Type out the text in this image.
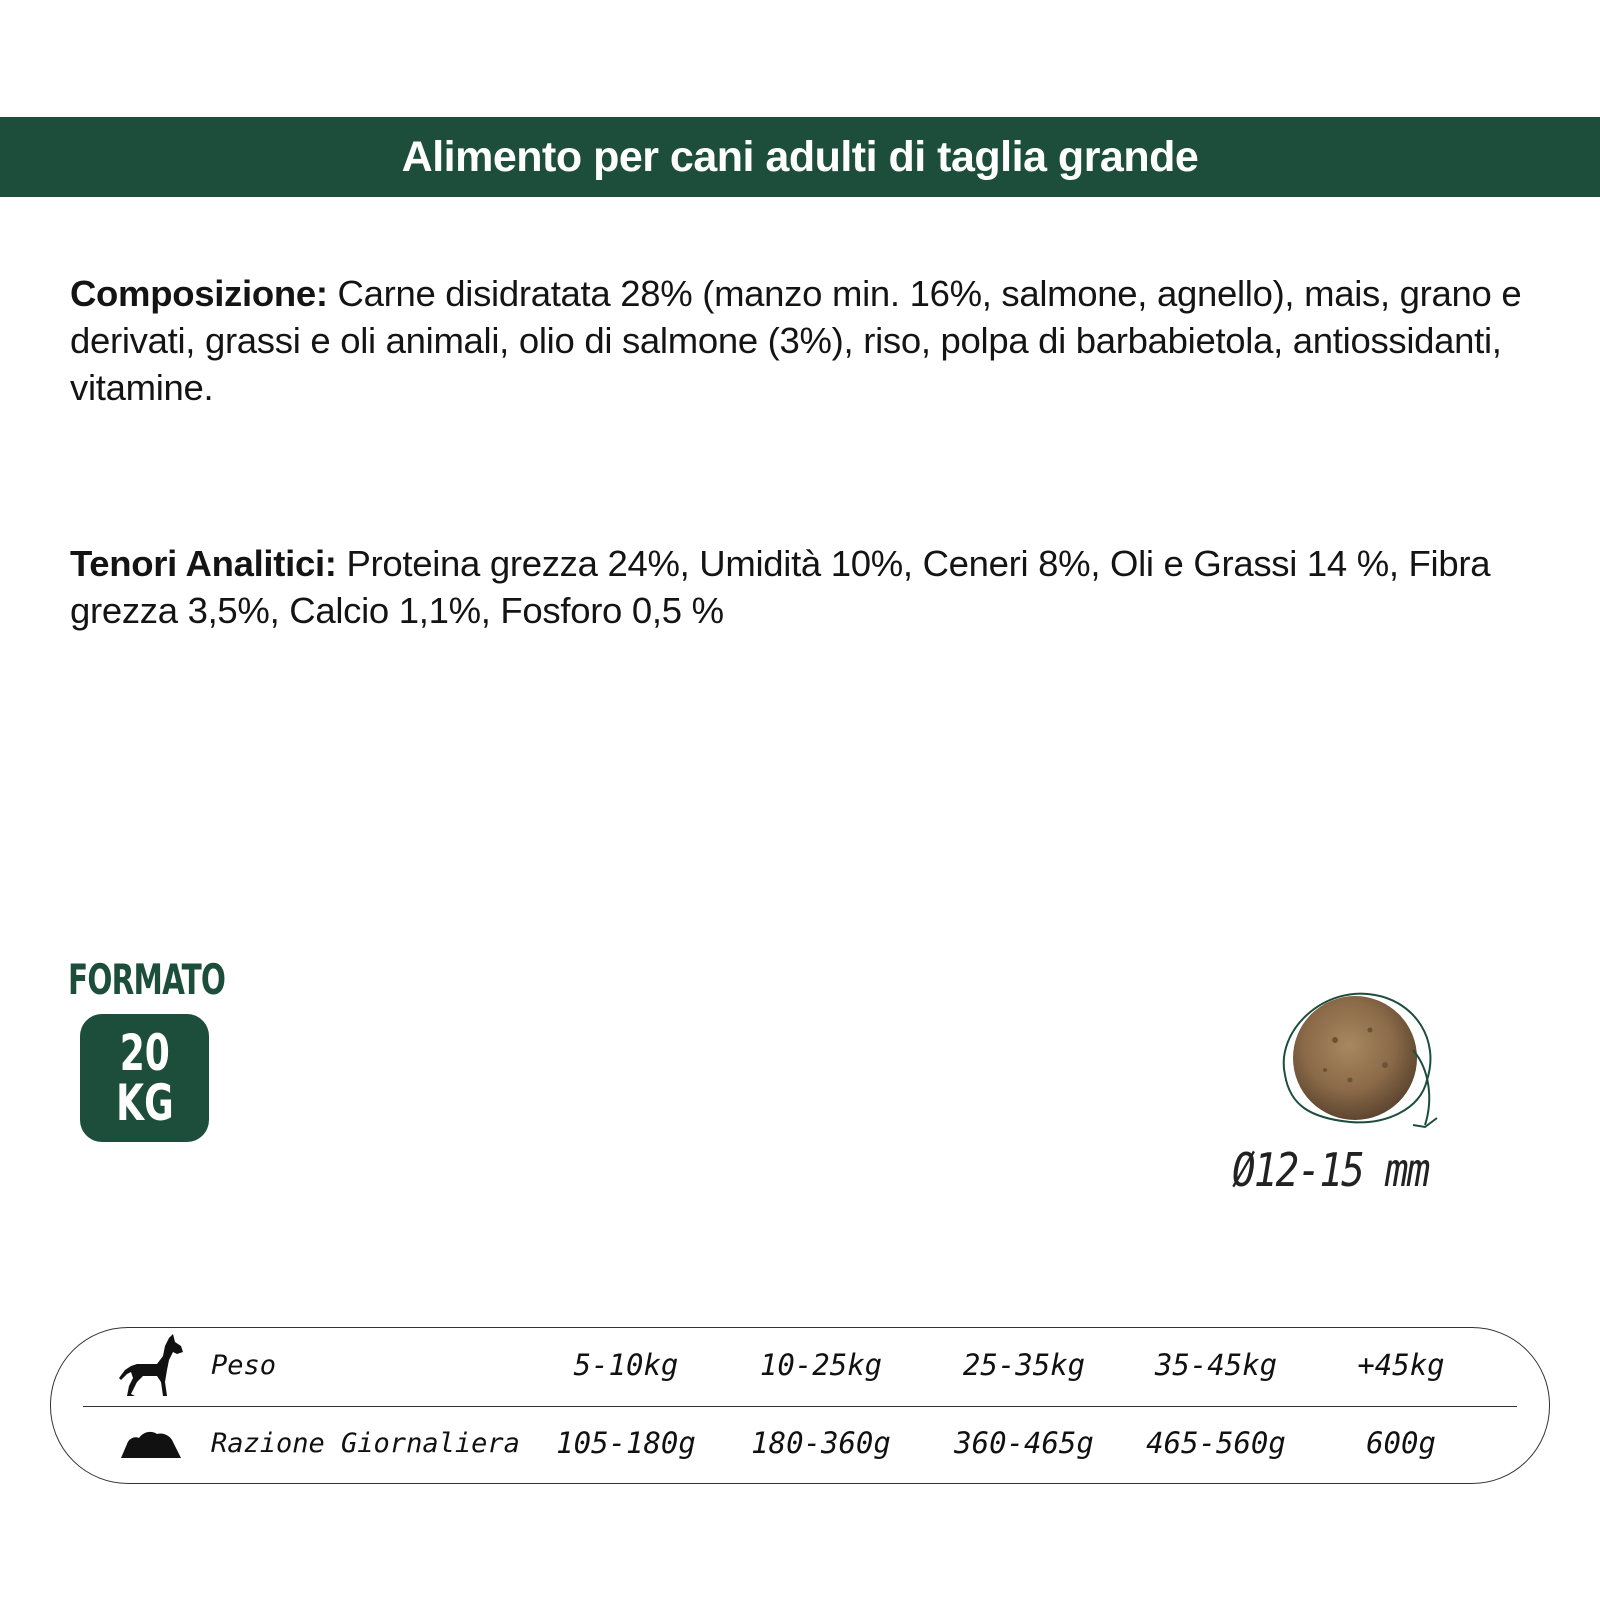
Alimento per cani adulti di taglia grande

Composizione: Carne disidratata 28% (manzo min. 16%, salmone, agnello), mais, grano e derivati, grassi e oli animali, olio di salmone (3%), riso, polpa di barbabietola, antiossidanti, vitamine.

Tenori Analitici: Proteina grezza 24%, Umidità 10%, Ceneri 8%, Oli e Grassi 14 %, Fibra grezza 3,5%, Calcio 1,1%, Fosforo 0,5 %

FORMATO
20
KG
Ø12-15 mm
Peso	5-10kg	10-25kg	25-35kg	35-45kg	+45kg
Razione Giornaliera	105-180g	180-360g	360-465g	465-560g	600g
